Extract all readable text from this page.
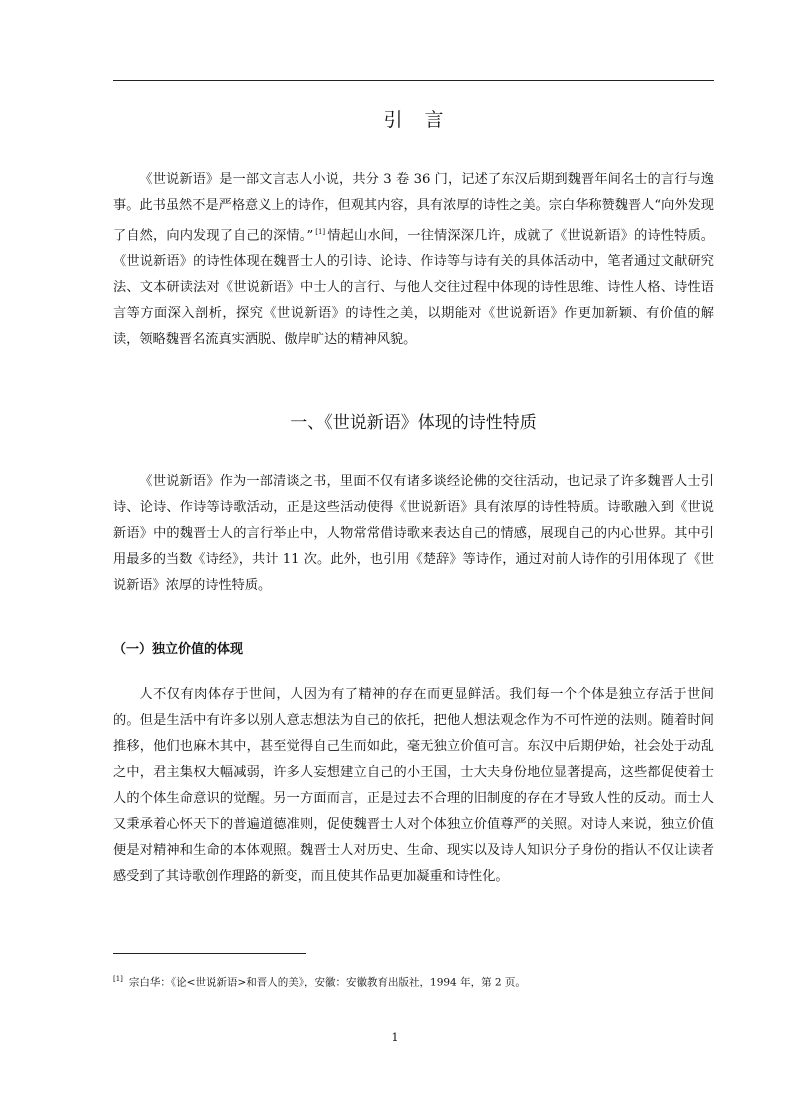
引言

《世说新语》是一部文言志人小说，共分 3 卷 36 门，记述了东汉后期到魏晋年间名士的言行与逸事。此书虽然不是严格意义上的诗作，但观其内容，具有浓厚的诗性之美。宗白华称赞魏晋人“向外发现了自然，向内发现了自己的深情。” [1] 情起山水间，一往情深深几许，成就了《世说新语》的诗性特质。《世说新语》的诗性体现在魏晋士人的引诗、论诗、作诗等与诗有关的具体活动中，笔者通过文献研究法、文本研读法对《世说新语》中士人的言行、与他人交往过程中体现的诗性思维、诗性人格、诗性语言等方面深入剖析，探究《世说新语》的诗性之美，以期能对《世说新语》作更加新颖、有价值的解读，领略魏晋名流真实洒脱、傲岸旷达的精神风貌。

一、《世说新语》体现的诗性特质

《世说新语》作为一部清谈之书，里面不仅有诸多谈经论佛的交往活动，也记录了许多魏晋人士引诗、论诗、作诗等诗歌活动，正是这些活动使得《世说新语》具有浓厚的诗性特质。诗歌融入到《世说新语》中的魏晋士人的言行举止中，人物常常借诗歌来表达自己的情感，展现自己的内心世界。其中引用最多的当数《诗经》，共计 11 次。此外，也引用《楚辞》等诗作，通过对前人诗作的引用体现了《世说新语》浓厚的诗性特质。

（一）独立价值的体现

人不仅有肉体存于世间，人因为有了精神的存在而更显鲜活。我们每一个个体是独立存活于世间的。但是生活中有许多以别人意志想法为自己的依托，把他人想法观念作为不可忤逆的法则。随着时间推移，他们也麻木其中，甚至觉得自己生而如此，毫无独立价值可言。东汉中后期伊始，社会处于动乱之中，君主集权大幅减弱，许多人妄想建立自己的小王国，士大夫身份地位显著提高，这些都促使着士人的个体生命意识的觉醒。另一方面而言，正是过去不合理的旧制度的存在才导致人性的反动。而士人又秉承着心怀天下的普遍道德准则，促使魏晋士人对个体独立价值尊严的关照。对诗人来说，独立价值便是对精神和生命的本体观照。魏晋士人对历史、生命、现实以及诗人知识分子身份的指认不仅让读者感受到了其诗歌创作理路的新变，而且使其作品更加凝重和诗性化。

[1] 宗白华：《论<世说新语>和晋人的美》，安徽：安徽教育出版社，1994 年，第 2 页。
1
